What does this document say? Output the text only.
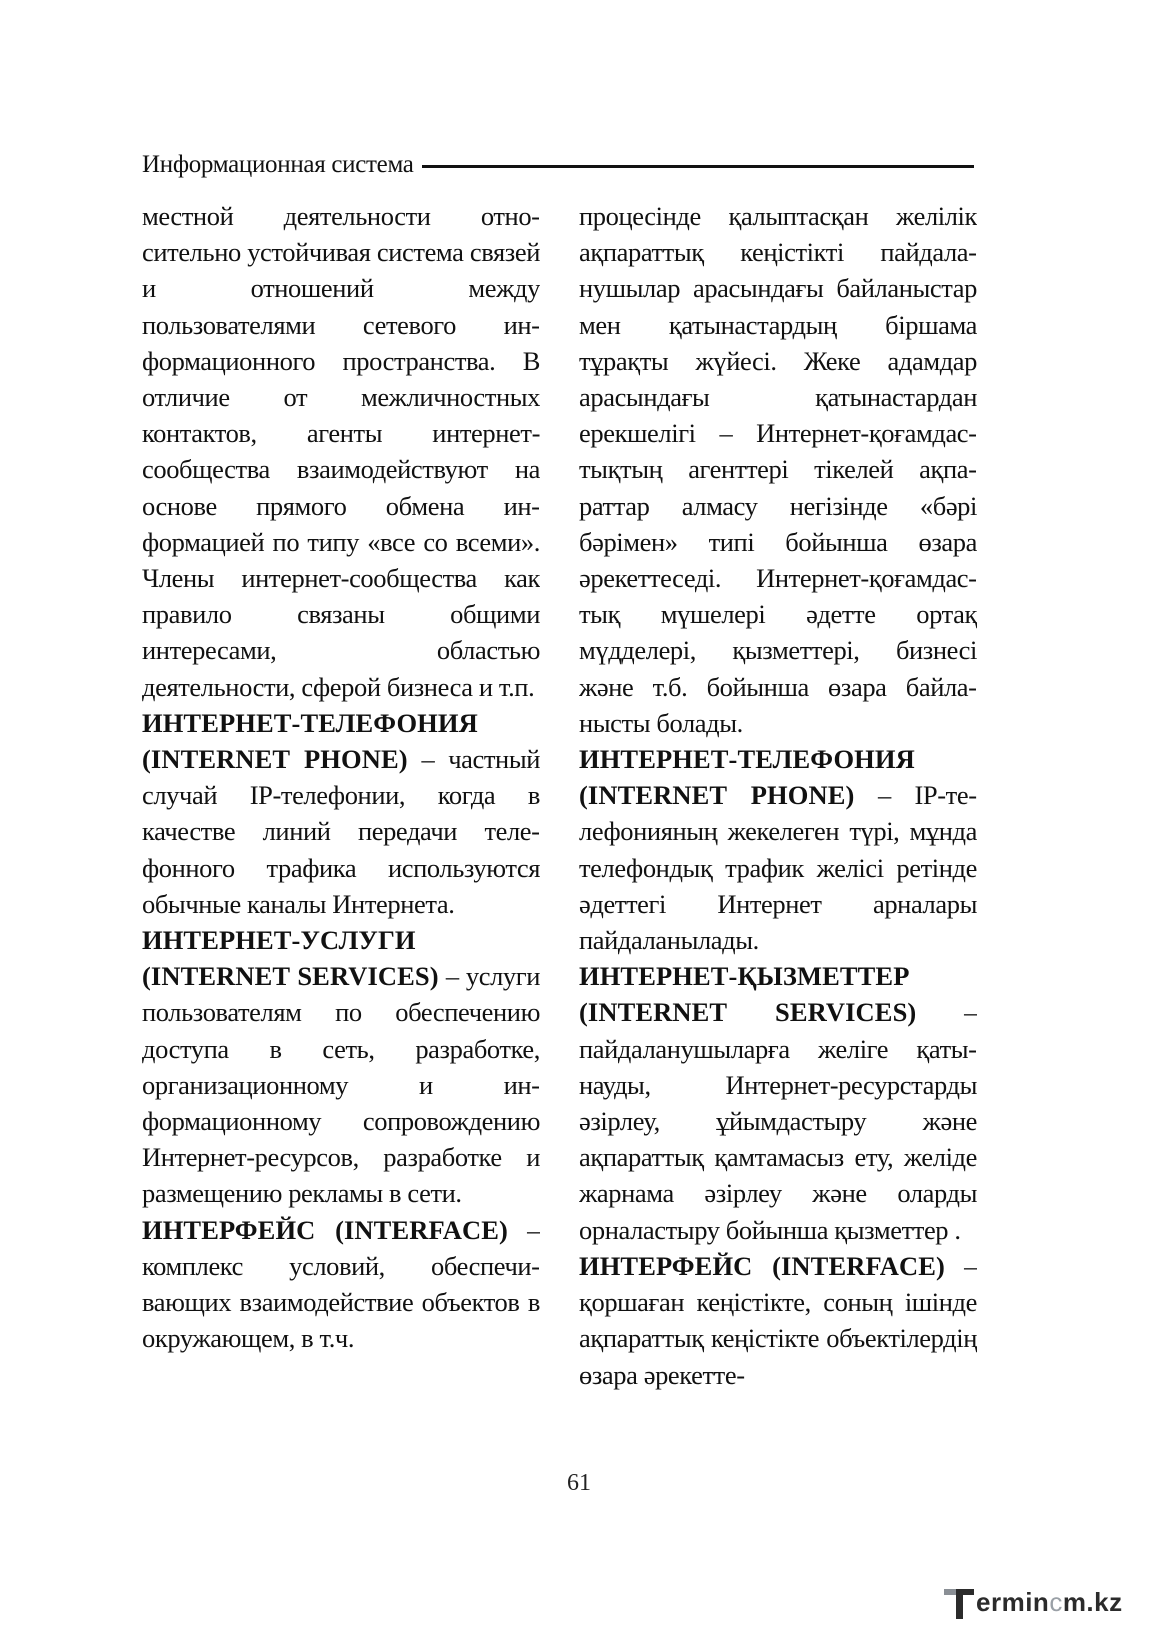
Информационная система

местной деятельности относительно устойчивая система связей и отношений между пользователями сетевого информационного пространства. В отличие от межличностных контактов, агенты интернет-сообщества взаимодействуют на основе прямого обмена информацией по типу «все со всеми». Члены интернет-сообщества как правило связаны общими интересами, областью деятельности, сферой бизнеса и т.п.

ИНТЕРНЕТ-ТЕЛЕФОНИЯ (INTERNET PHONE) – частный случай IP-телефонии, когда в качестве линий передачи телефонного трафика используются обычные каналы Интернета.

ИНТЕРНЕТ-УСЛУГИ (INTERNET SERVICES) – услуги пользователям по обеспечению доступа в сеть, разработке, организационному и информационному сопровождению Интернет-ресурсов, разработке и размещению рекламы в сети.

ИНТЕРФЕЙС (INTERFACE) – комплекс условий, обеспечивающих взаимодействие объектов в окружающем, в т.ч.

процесінде қалыптасқан желілік ақпараттық кеңістікті пайдаланушылар арасындағы байланыстар мен қатынастардың біршама тұрақты жүйесі. Жеке адамдар арасындағы қатынастардан ерекшелігі – Интернет-қоғамдастықтың агенттері тікелей ақпараттар алмасу негізінде «бәрі бәрімен» типі бойынша өзара әрекеттеседі. Интернет-қоғамдастық мүшелері әдетте ортақ мүдделері, қызметтері, бизнесі және т.б. бойынша өзара байланысты болады.

ИНТЕРНЕТ-ТЕЛЕФОНИЯ (INTERNET PHONE) – IP-телефонияның жекелеген түрі, мұнда телефондық трафик желісі ретінде әдеттегі Интернет арналары пайдаланылады.

ИНТЕРНЕТ-ҚЫЗМЕТТЕР (INTERNET SERVICES) – пайдаланушыларға желіге қатынауды, Интернет-ресурстарды әзірлеу, ұйымдастыру және ақпараттық қамтамасыз ету, желіде жарнама әзірлеу және оларды орналастыру бойынша қызметтер .

ИНТЕРФЕЙС (INTERFACE) – қоршаған кеңістікте, соның ішінде ақпараттық кеңістікте объектілердің өзара әрекетте-

61
ermincm.kz
